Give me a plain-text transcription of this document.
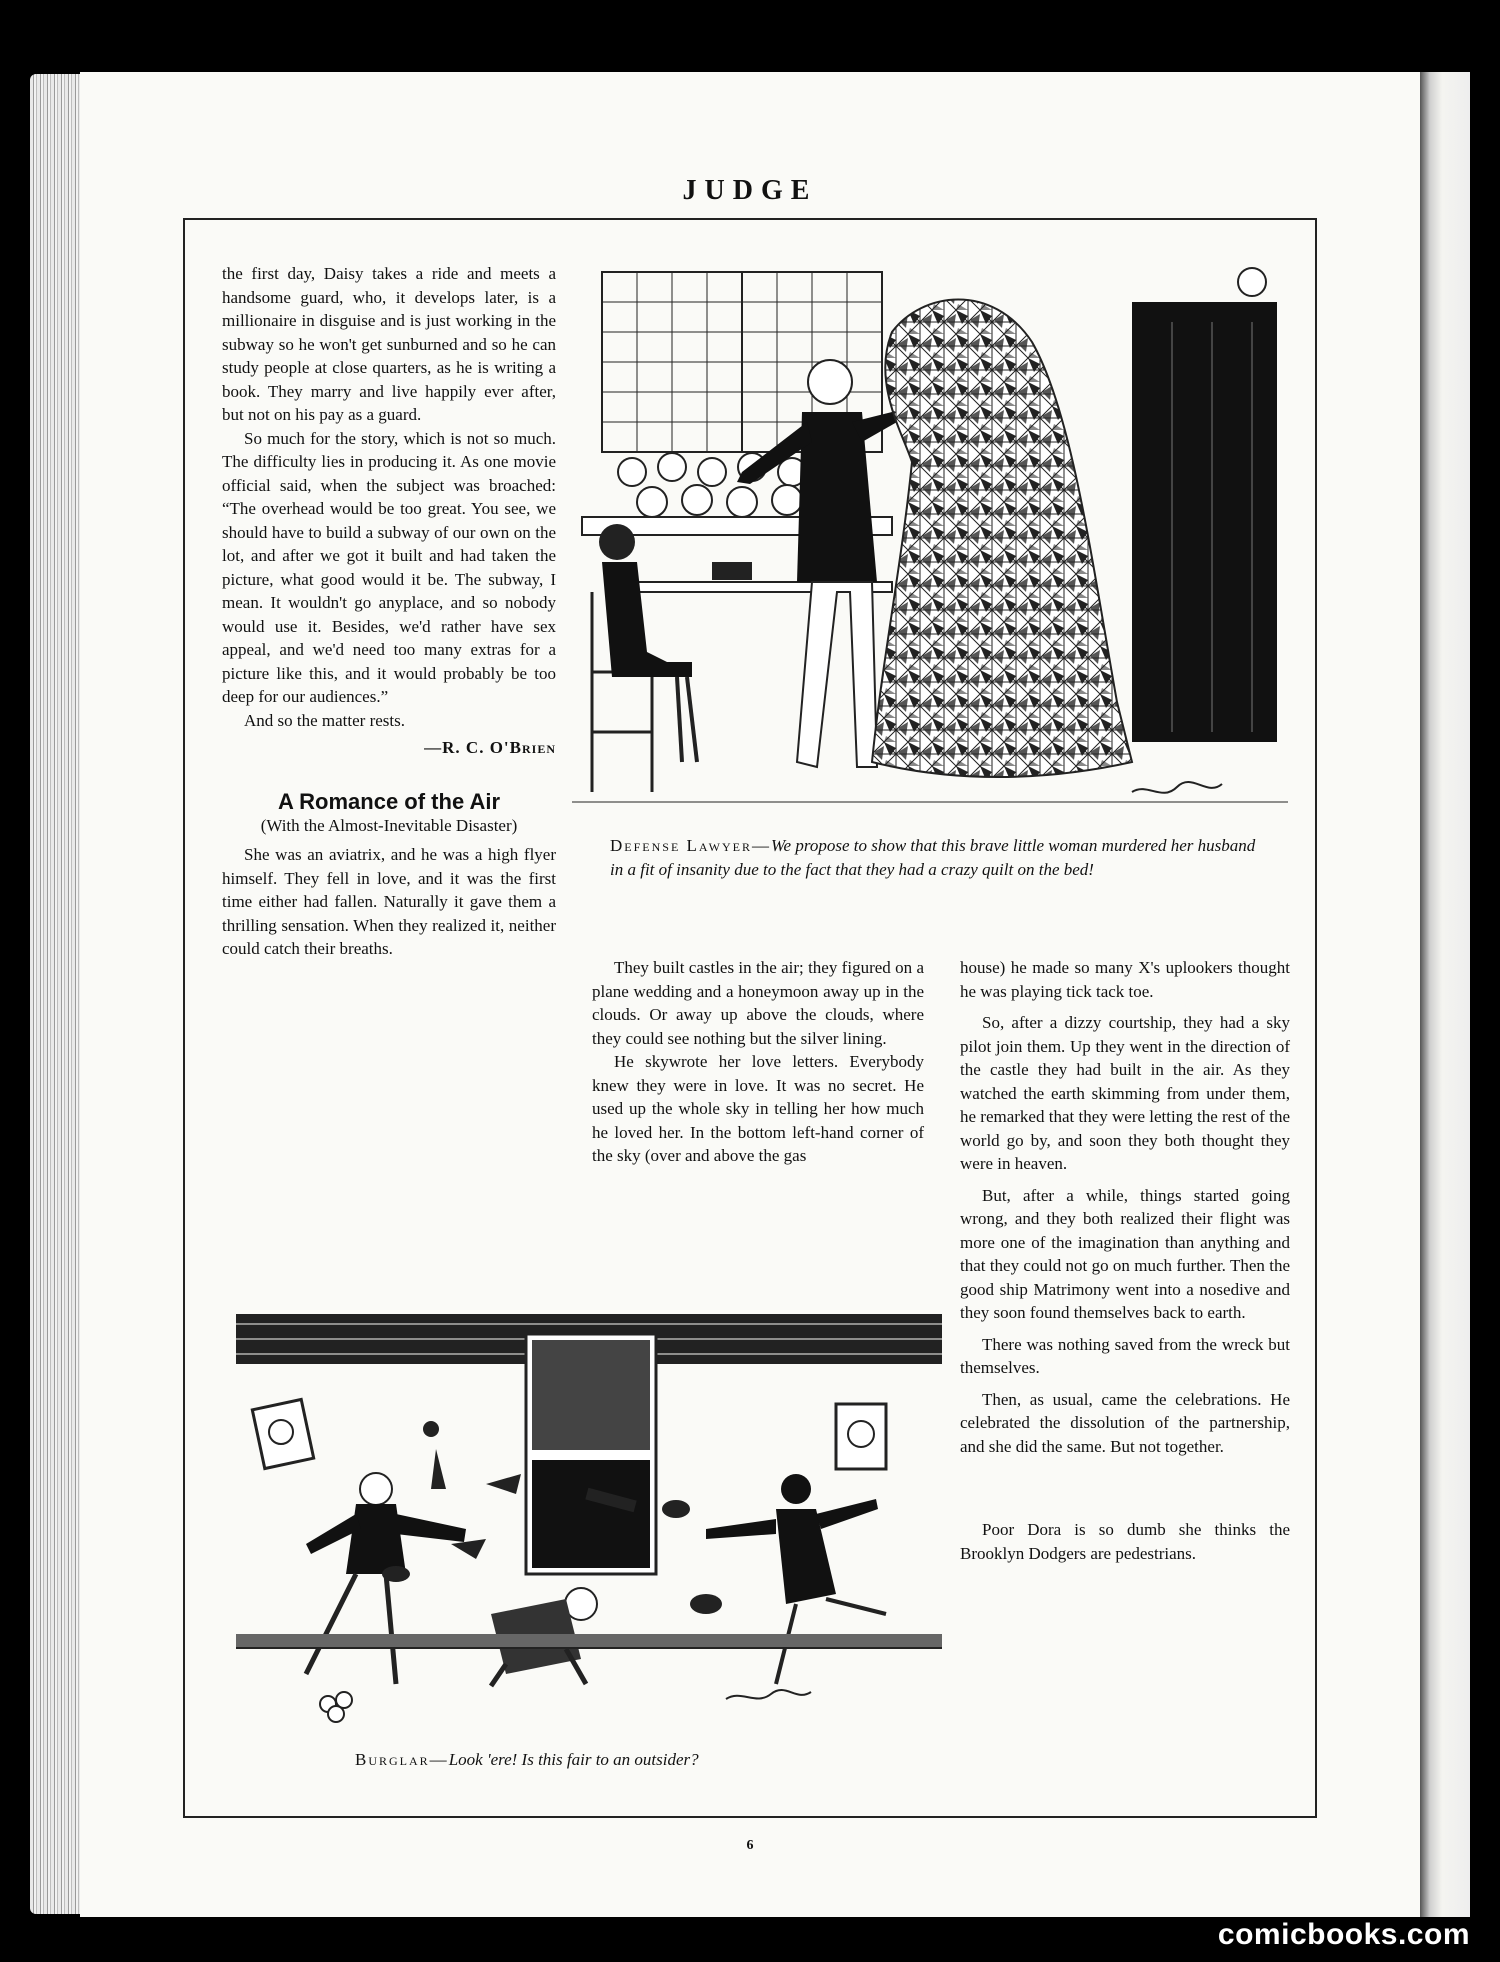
JUDGE

the first day, Daisy takes a ride and meets a handsome guard, who, it develops later, is a millionaire in disguise and is just working in the subway so he won't get sunburned and so he can study people at close quarters, as he is writing a book. They marry and live happily ever after, but not on his pay as a guard.

So much for the story, which is not so much. The difficulty lies in producing it. As one movie official said, when the subject was broached: “The overhead would be too great. You see, we should have to build a subway of our own on the lot, and after we got it built and had taken the picture, what good would it be. The subway, I mean. It wouldn't go anyplace, and so nobody would use it. Besides, we'd rather have sex appeal, and we'd need too many extras for a picture like this, and it would probably be too deep for our audiences.”

And so the matter rests.

—R. C. O'Brien
A Romance of the Air
(With the Almost-Inevitable Disaster)

She was an aviatrix, and he was a high flyer himself. They fell in love, and it was the first time either had fallen. Naturally it gave them a thrilling sensation. When they realized it, neither could catch their breaths.

Defense Lawyer—We propose to show that this brave little woman murdered her husband in a fit of insanity due to the fact that they had a crazy quilt on the bed!

They built castles in the air; they figured on a plane wedding and a honeymoon away up in the clouds. Or away up above the clouds, where they could see nothing but the silver lining.

He skywrote her love letters. Everybody knew they were in love. It was no secret. He used up the whole sky in telling her how much he loved her. In the bottom left-hand corner of the sky (over and above the gas

house) he made so many X's uplookers thought he was playing tick tack toe.

So, after a dizzy courtship, they had a sky pilot join them. Up they went in the direction of the castle they had built in the air. As they watched the earth skimming from under them, he remarked that they were letting the rest of the world go by, and soon they both thought they were in heaven.

But, after a while, things started going wrong, and they both realized their flight was more one of the imagination than anything and that they could not go on much further. Then the good ship Matrimony went into a nosedive and they soon found themselves back to earth.

There was nothing saved from the wreck but themselves.

Then, as usual, came the celebrations. He celebrated the dissolution of the partnership, and she did the same. But not together.

Poor Dora is so dumb she thinks the Brooklyn Dodgers are pedestrians.

Burglar—Look 'ere! Is this fair to an outsider?
6
comicbooks.com
